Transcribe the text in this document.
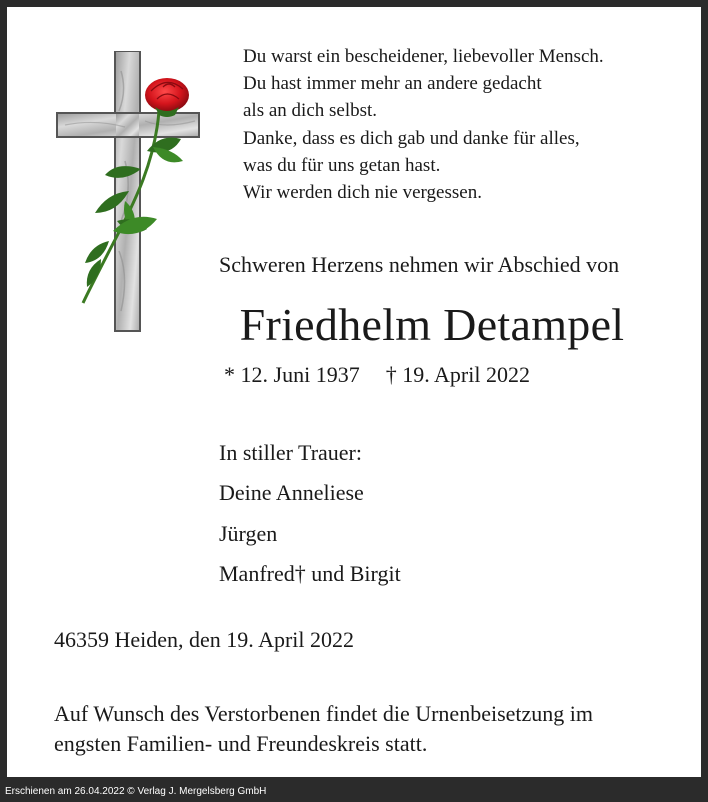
Du warst ein bescheidener, liebevoller Mensch.
Du hast immer mehr an andere gedacht
als an dich selbst.
Danke, dass es dich gab und danke für alles,
was du für uns getan hast.
Wir werden dich nie vergessen.
Schweren Herzens nehmen wir Abschied von
Friedhelm Detampel
* 12. Juni 1937 † 19. April 2022
In stiller Trauer:
Deine Anneliese
Jürgen
Manfred† und Birgit
46359 Heiden, den 19. April 2022
Auf Wunsch des Verstorbenen findet die Urnenbeisetzung im
engsten Familien- und Freundeskreis statt.
Erschienen am 26.04.2022 © Verlag J. Mergelsberg GmbH
